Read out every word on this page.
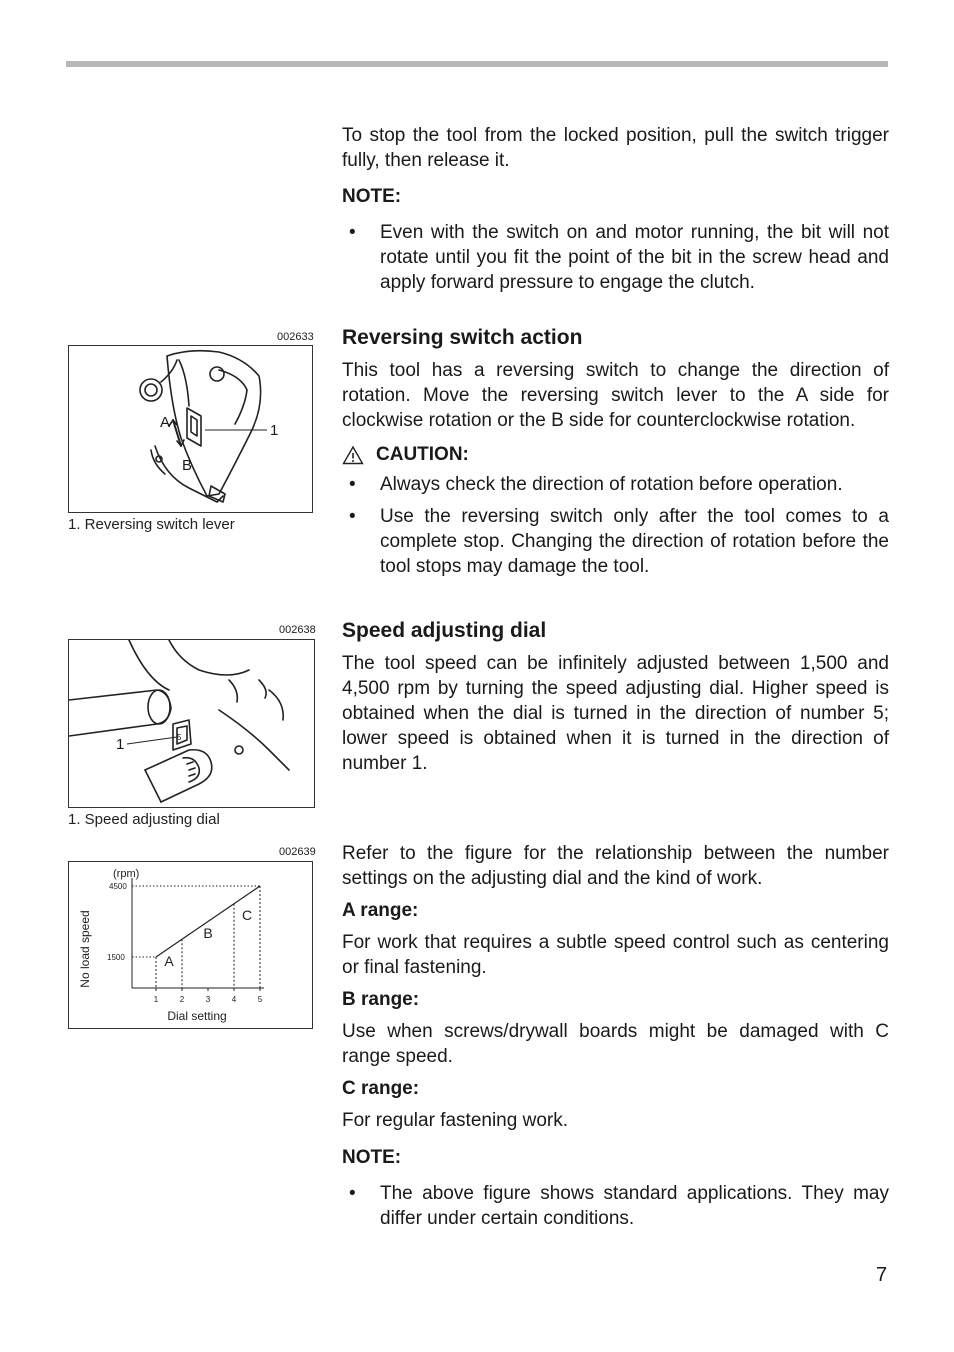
To stop the tool from the locked position, pull the switch trigger fully, then release it.

NOTE:

• Even with the switch on and motor running, the bit will not rotate until you fit the point of the bit in the screw head and apply forward pressure to engage the clutch.

Reversing switch action

This tool has a reversing switch to change the direction of rotation. Move the reversing switch lever to the A side for clockwise rotation or the B side for counterclockwise rotation.

CAUTION:

• Always check the direction of rotation before operation.
• Use the reversing switch only after the tool comes to a complete stop. Changing the direction of rotation before the tool stops may damage the tool.

Speed adjusting dial

The tool speed can be infinitely adjusted between 1,500 and 4,500 rpm by turning the speed adjusting dial. Higher speed is obtained when the dial is turned in the direction of number 5; lower speed is obtained when it is turned in the direction of number 1.

Refer to the figure for the relationship between the number settings on the adjusting dial and the kind of work.

A range:

For work that requires a subtle speed control such as centering or final fastening.

B range:

Use when screws/drywall boards might be damaged with C range speed.

C range:

For regular fastening work.

NOTE:

• The above figure shows standard applications. They may differ under certain conditions.
002633
1
A
B
1. Reversing switch lever
002638
1	5
1. Speed adjusting dial
002639
1	2	3	4	5
4500
1500
(rpm)
Dial setting
No load speed	A
B
C
7
